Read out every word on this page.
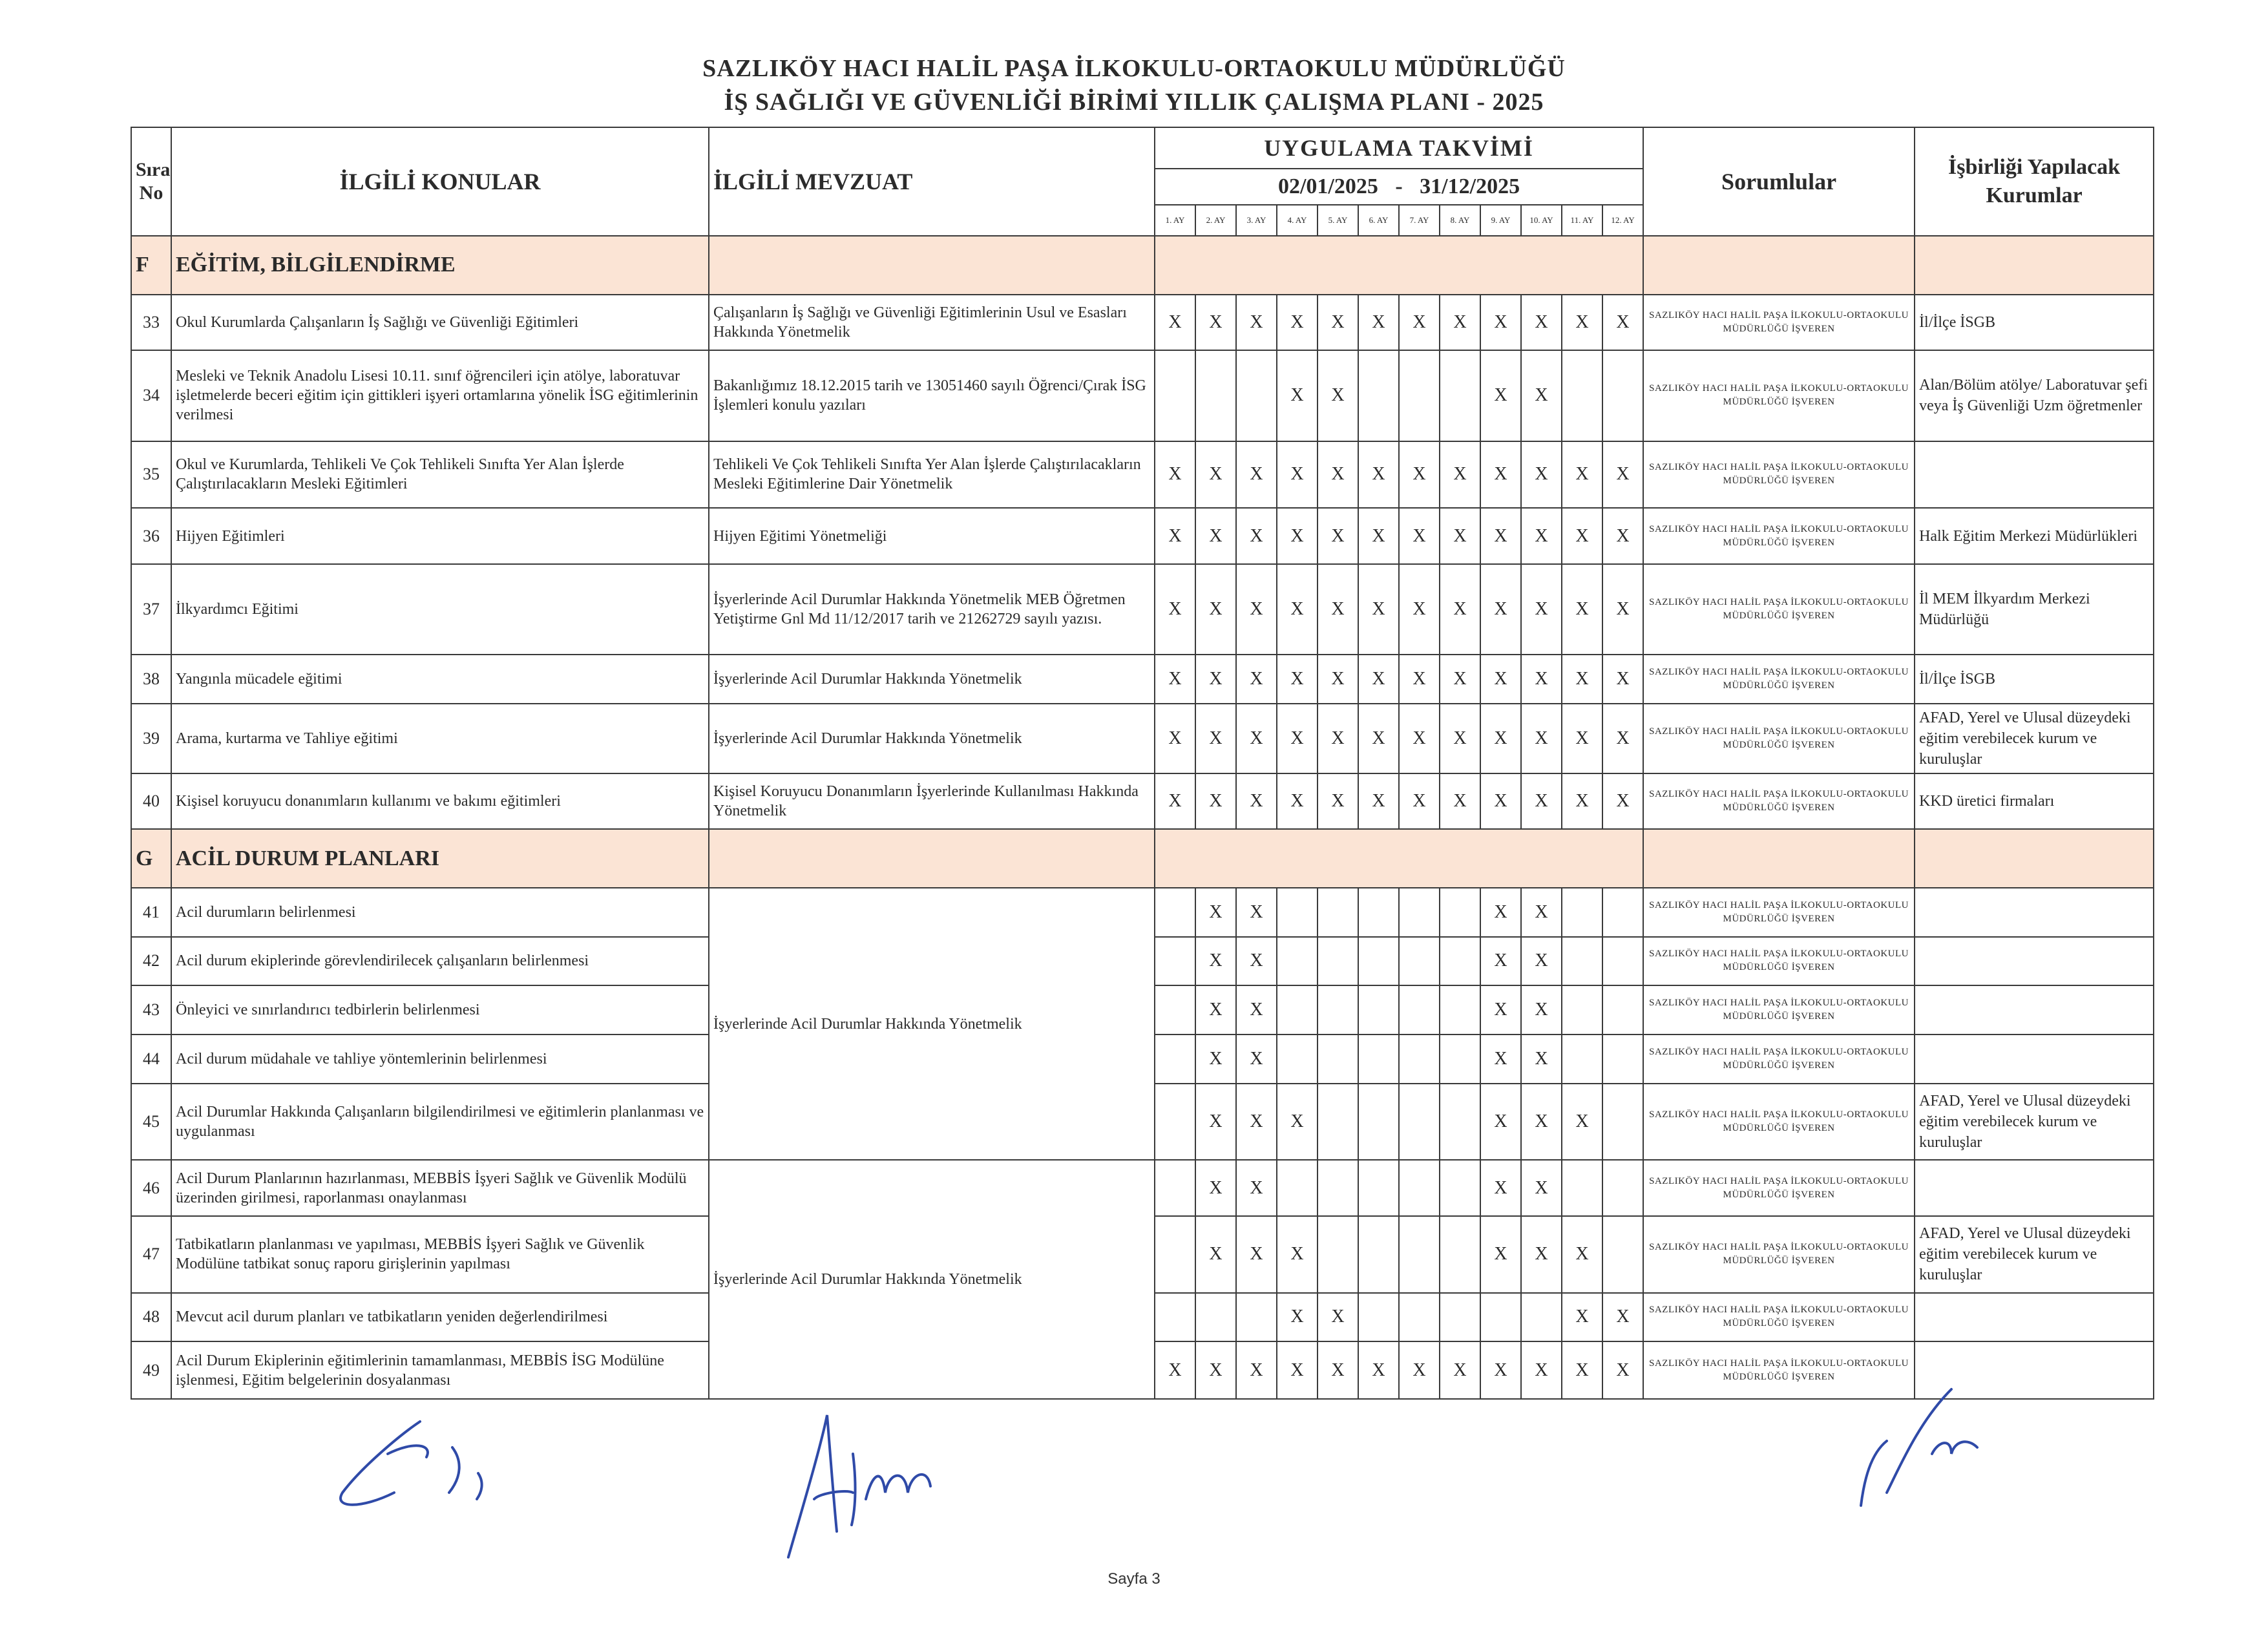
SAZLIKÖY HACI HALİL PAŞA İLKOKULU-ORTAOKULU MÜDÜRLÜĞÜ
İŞ SAĞLIĞI VE GÜVENLİĞİ BİRİMİ YILLIK ÇALIŞMA PLANI - 2025
Sıra
No	İLGİLİ KONULAR	İLGİLİ MEVZUAT	UYGULAMA TAKVİMİ												Sorumlular	İşbirliği Yapılacak Kurumlar
			02/01/2025 - 31/12/2025													
			1. AY	2. AY	3. AY	4. AY	5. AY	6. AY	7. AY	8. AY	9. AY	10. AY	11. AY	12. AY		
F	EĞİTİM, BİLGİLENDİRME															
33	Okul Kurumlarda Çalışanların İş Sağlığı ve Güvenliği Eğitimleri	Çalışanların İş Sağlığı ve Güvenliği Eğitimlerinin Usul ve Esasları Hakkında Yönetmelik	X	X	X	X	X	X	X	X	X	X	X	X	SAZLIKÖY HACI HALİL PAŞA İLKOKULU-ORTAOKULU MÜDÜRLÜĞÜ İŞVEREN	İl/İlçe İSGB
34	Mesleki ve Teknik Anadolu Lisesi 10.11. sınıf öğrencileri için atölye, laboratuvar işletmelerde beceri eğitim için gittikleri işyeri ortamlarına yönelik İSG eğitimlerinin verilmesi	Bakanlığımız 18.12.2015 tarih ve 13051460 sayılı Öğrenci/Çırak İSG İşlemleri konulu yazıları				X	X				X	X			SAZLIKÖY HACI HALİL PAŞA İLKOKULU-ORTAOKULU MÜDÜRLÜĞÜ İŞVEREN	Alan/Bölüm atölye/ Laboratuvar şefi veya İş Güvenliği Uzm öğretmenler
35	Okul ve Kurumlarda, Tehlikeli Ve Çok Tehlikeli Sınıfta Yer Alan İşlerde Çalıştırılacakların Mesleki Eğitimleri	Tehlikeli Ve Çok Tehlikeli Sınıfta Yer Alan İşlerde Çalıştırılacakların Mesleki Eğitimlerine Dair Yönetmelik	X	X	X	X	X	X	X	X	X	X	X	X	SAZLIKÖY HACI HALİL PAŞA İLKOKULU-ORTAOKULU MÜDÜRLÜĞÜ İŞVEREN	
36	Hijyen Eğitimleri	Hijyen Eğitimi Yönetmeliği	X	X	X	X	X	X	X	X	X	X	X	X	SAZLIKÖY HACI HALİL PAŞA İLKOKULU-ORTAOKULU MÜDÜRLÜĞÜ İŞVEREN	Halk Eğitim Merkezi Müdürlükleri
37	İlkyardımcı Eğitimi	İşyerlerinde Acil Durumlar Hakkında Yönetmelik MEB Öğretmen Yetiştirme Gnl Md 11/12/2017 tarih ve 21262729 sayılı yazısı.	X	X	X	X	X	X	X	X	X	X	X	X	SAZLIKÖY HACI HALİL PAŞA İLKOKULU-ORTAOKULU MÜDÜRLÜĞÜ İŞVEREN	İl MEM İlkyardım Merkezi Müdürlüğü
38	Yangınla mücadele eğitimi	İşyerlerinde Acil Durumlar Hakkında Yönetmelik	X	X	X	X	X	X	X	X	X	X	X	X	SAZLIKÖY HACI HALİL PAŞA İLKOKULU-ORTAOKULU MÜDÜRLÜĞÜ İŞVEREN	İl/İlçe İSGB
39	Arama, kurtarma ve Tahliye eğitimi	İşyerlerinde Acil Durumlar Hakkında Yönetmelik	X	X	X	X	X	X	X	X	X	X	X	X	SAZLIKÖY HACI HALİL PAŞA İLKOKULU-ORTAOKULU MÜDÜRLÜĞÜ İŞVEREN	AFAD, Yerel ve Ulusal düzeydeki eğitim verebilecek kurum ve kuruluşlar
40	Kişisel koruyucu donanımların kullanımı ve bakımı eğitimleri	Kişisel Koruyucu Donanımların İşyerlerinde Kullanılması Hakkında Yönetmelik	X	X	X	X	X	X	X	X	X	X	X	X	SAZLIKÖY HACI HALİL PAŞA İLKOKULU-ORTAOKULU MÜDÜRLÜĞÜ İŞVEREN	KKD üretici firmaları
G	ACİL DURUM PLANLARI															
41	Acil durumların belirlenmesi	İşyerlerinde Acil Durumlar Hakkında Yönetmelik		X	X						X	X			SAZLIKÖY HACI HALİL PAŞA İLKOKULU-ORTAOKULU MÜDÜRLÜĞÜ İŞVEREN	
42	Acil durum ekiplerinde görevlendirilecek çalışanların belirlenmesi			X	X						X	X			SAZLIKÖY HACI HALİL PAŞA İLKOKULU-ORTAOKULU MÜDÜRLÜĞÜ İŞVEREN	
43	Önleyici ve sınırlandırıcı tedbirlerin belirlenmesi			X	X						X	X			SAZLIKÖY HACI HALİL PAŞA İLKOKULU-ORTAOKULU MÜDÜRLÜĞÜ İŞVEREN	
44	Acil durum müdahale ve tahliye yöntemlerinin belirlenmesi			X	X						X	X			SAZLIKÖY HACI HALİL PAŞA İLKOKULU-ORTAOKULU MÜDÜRLÜĞÜ İŞVEREN	
45	Acil Durumlar Hakkında Çalışanların bilgilendirilmesi ve eğitimlerin planlanması ve uygulanması			X	X	X					X	X	X		SAZLIKÖY HACI HALİL PAŞA İLKOKULU-ORTAOKULU MÜDÜRLÜĞÜ İŞVEREN	AFAD, Yerel ve Ulusal düzeydeki eğitim verebilecek kurum ve kuruluşlar
46	Acil Durum Planlarının hazırlanması, MEBBİS İşyeri Sağlık ve Güvenlik Modülü üzerinden girilmesi, raporlanması onaylanması	İşyerlerinde Acil Durumlar Hakkında Yönetmelik		X	X						X	X			SAZLIKÖY HACI HALİL PAŞA İLKOKULU-ORTAOKULU MÜDÜRLÜĞÜ İŞVEREN	
47	Tatbikatların planlanması ve yapılması, MEBBİS İşyeri Sağlık ve Güvenlik Modülüne tatbikat sonuç raporu girişlerinin yapılması			X	X	X					X	X	X		SAZLIKÖY HACI HALİL PAŞA İLKOKULU-ORTAOKULU MÜDÜRLÜĞÜ İŞVEREN	AFAD, Yerel ve Ulusal düzeydeki eğitim verebilecek kurum ve kuruluşlar
48	Mevcut acil durum planları ve tatbikatların yeniden değerlendirilmesi					X	X						X	X	SAZLIKÖY HACI HALİL PAŞA İLKOKULU-ORTAOKULU MÜDÜRLÜĞÜ İŞVEREN	
49	Acil Durum Ekiplerinin eğitimlerinin tamamlanması, MEBBİS İSG Modülüne işlenmesi, Eğitim belgelerinin dosyalanması		X	X	X	X	X	X	X	X	X	X	X	X	SAZLIKÖY HACI HALİL PAŞA İLKOKULU-ORTAOKULU MÜDÜRLÜĞÜ İŞVEREN	
Sayfa 3
